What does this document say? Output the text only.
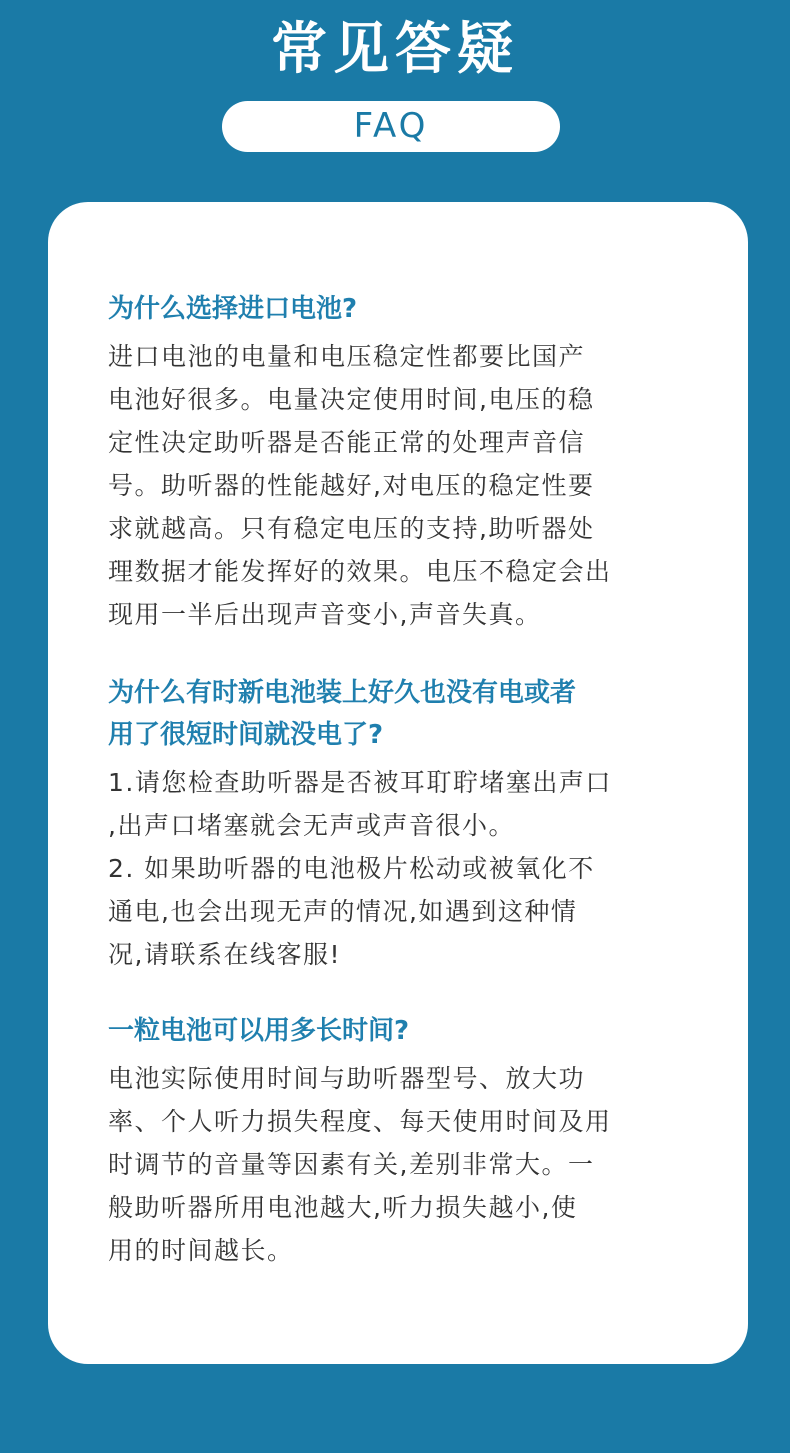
常见答疑
FAQ
为什么选择进口电池?
进口电池的电量和电压稳定性都要比国产
电池好很多。电量决定使用时间,电压的稳
定性决定助听器是否能正常的处理声音信
号。助听器的性能越好,对电压的稳定性要
求就越高。只有稳定电压的支持,助听器处
理数据才能发挥好的效果。电压不稳定会出
现用一半后出现声音变小,声音失真。
为什么有时新电池装上好久也没有电或者
用了很短时间就没电了?
1.请您检查助听器是否被耳耵聍堵塞出声口
,出声口堵塞就会无声或声音很小。
2. 如果助听器的电池极片松动或被氧化不
通电,也会出现无声的情况,如遇到这种情
况,请联系在线客服!
一粒电池可以用多长时间?
电池实际使用时间与助听器型号、放大功
率、个人听力损失程度、每天使用时间及用
时调节的音量等因素有关,差别非常大。一
般助听器所用电池越大,听力损失越小,使
用的时间越长。
